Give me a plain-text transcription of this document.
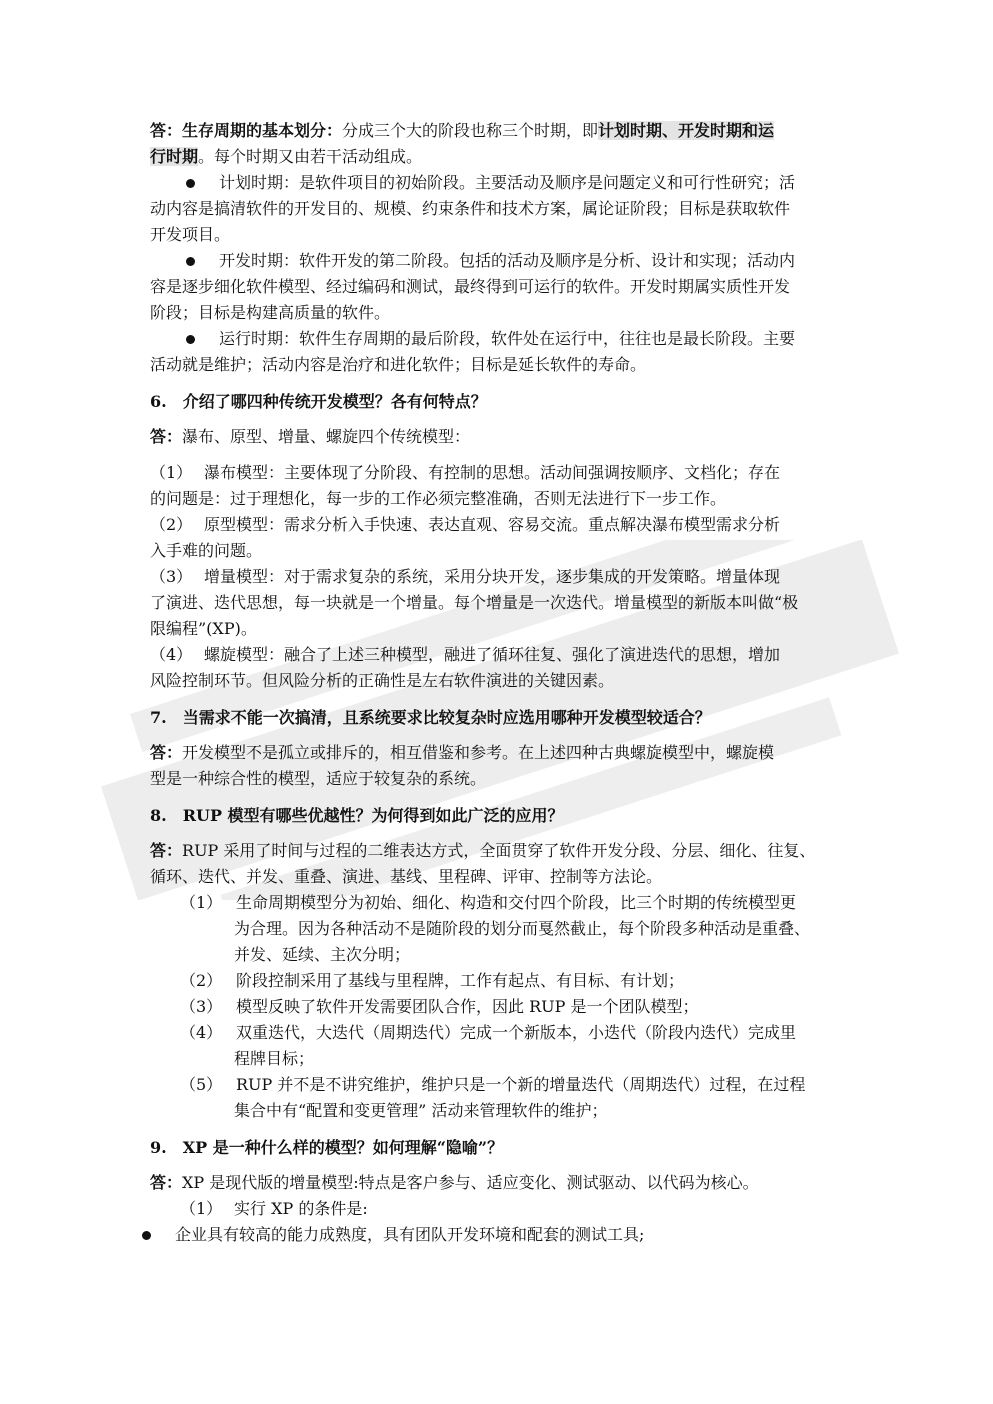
答：生存周期的基本划分：分成三个大的阶段也称三个时期，即计划时期、开发时期和运
行时期。每个时期又由若干活动组成。
计划时期：是软件项目的初始阶段。主要活动及顺序是问题定义和可行性研究；活
动内容是搞清软件的开发目的、规模、约束条件和技术方案，属论证阶段；目标是获取软件
开发项目。
开发时期：软件开发的第二阶段。包括的活动及顺序是分析、设计和实现；活动内
容是逐步细化软件模型、经过编码和测试，最终得到可运行的软件。开发时期属实质性开发
阶段；目标是构建高质量的软件。
运行时期：软件生存周期的最后阶段，软件处在运行中，往往也是最长阶段。主要
活动就是维护；活动内容是治疗和进化软件；目标是延长软件的寿命。
6.　介绍了哪四种传统开发模型？各有何特点？
答：瀑布、原型、增量、螺旋四个传统模型：
（1） 瀑布模型：主要体现了分阶段、有控制的思想。活动间强调按顺序、文档化；存在
的问题是：过于理想化，每一步的工作必须完整准确，否则无法进行下一步工作。
（2） 原型模型：需求分析入手快速、表达直观、容易交流。重点解决瀑布模型需求分析
入手难的问题。
（3） 增量模型：对于需求复杂的系统，采用分块开发，逐步集成的开发策略。增量体现
了演进、迭代思想，每一块就是一个增量。每个增量是一次迭代。增量模型的新版本叫做“极
限编程”(XP)。
（4） 螺旋模型：融合了上述三种模型，融进了循环往复、强化了演进迭代的思想，增加
风险控制环节。但风险分析的正确性是左右软件演进的关键因素。
7.　当需求不能一次搞清，且系统要求比较复杂时应选用哪种开发模型较适合？
答：开发模型不是孤立或排斥的，相互借鉴和参考。在上述四种古典螺旋模型中，螺旋模
型是一种综合性的模型，适应于较复杂的系统。
8.　RUP 模型有哪些优越性？为何得到如此广泛的应用？
答：RUP 采用了时间与过程的二维表达方式，全面贯穿了软件开发分段、分层、细化、往复、
循环、迭代、并发、重叠、演进、基线、里程碑、评审、控制等方法论。
（1） 生命周期模型分为初始、细化、构造和交付四个阶段，比三个时期的传统模型更
为合理。因为各种活动不是随阶段的划分而戛然截止，每个阶段多种活动是重叠、
并发、延续、主次分明；
（2） 阶段控制采用了基线与里程牌，工作有起点、有目标、有计划；
（3） 模型反映了软件开发需要团队合作，因此 RUP 是一个团队模型；
（4） 双重迭代，大迭代（周期迭代）完成一个新版本，小迭代（阶段内迭代）完成里
程牌目标；
（5） RUP 并不是不讲究维护，维护只是一个新的增量迭代（周期迭代）过程，在过程
集合中有“配置和变更管理” 活动来管理软件的维护；
9.　XP 是一种什么样的模型？如何理解“隐喻”？
答：XP 是现代版的增量模型:特点是客户参与、适应变化、测试驱动、以代码为核心。
（1） 实行 XP 的条件是:
企业具有较高的能力成熟度，具有团队开发环境和配套的测试工具;
